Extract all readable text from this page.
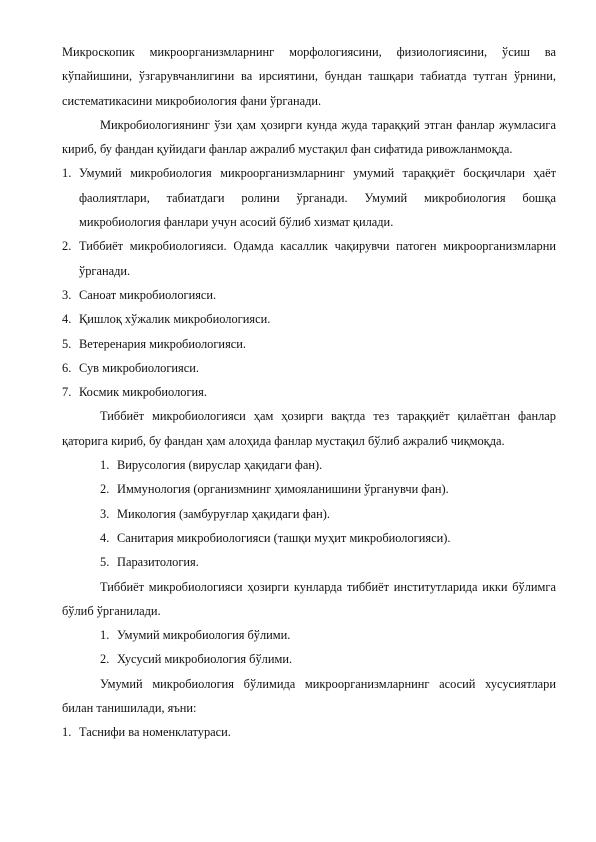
Микроскопик микроорганизмларнинг морфологиясини, физиологиясини, ўсиш ва кўпайишини, ўзгарувчанлигини ва ирсиятини, бундан ташқари табиатда тутган ўрнини, систематикасини микробиология фани ўрганади.

Микробиологиянинг ўзи ҳам ҳозирги кунда жуда тараққий этган фанлар жумласига кириб, бу фандан қуйидаги фанлар ажралиб мустақил фан сифатида ривожланмоқда.

1. Умумий микробиология микроорганизмларнинг умумий тараққиёт босқичлари ҳаёт фаолиятлари, табиатдаги ролини ўрганади. Умумий микробиология бошқа микробиология фанлари учун асосий бўлиб хизмат қилади.
2. Тиббиёт микробиологияси. Одамда касаллик чақирувчи патоген микроорганизмларни ўрганади.
3. Саноат микробиологияси.
4. Қишлоқ хўжалик микробиологияси.
5. Ветеренария микробиологияси.
6. Сув микробиологияси.
7. Космик микробиология.

Тиббиёт микробиологияси ҳам ҳозирги вақтда тез тараққиёт қилаётган фанлар қаторига кириб, бу фандан ҳам алоҳида фанлар мустақил бўлиб ажралиб чиқмоқда.

1. Вирусология (вируслар ҳақидаги фан).
2. Иммунология (организмнинг ҳимояланишини ўрганувчи фан).
3. Микология (замбуруғлар ҳақидаги фан).
4. Санитария микробиологияси (ташқи муҳит микробиологияси).
5. Паразитология.

Тиббиёт микробиологияси ҳозирги кунларда тиббиёт институтларида икки бўлимга бўлиб ўрганилади.

1. Умумий микробиология бўлими.
2. Хусусий микробиология бўлими.

Умумий микробиология бўлимида микроорганизмларнинг асосий хусусиятлари билан танишилади, яъни:

1. Таснифи ва номенклатураси.
